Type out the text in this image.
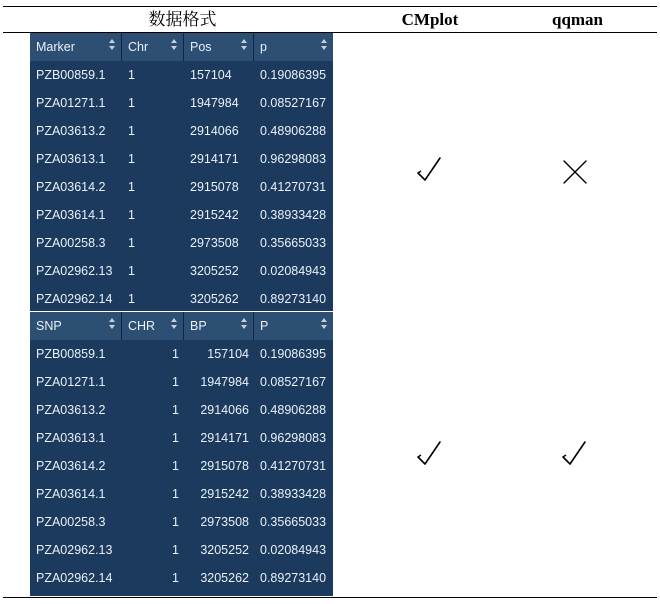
数据格式	CMplot	qqman
Marker	Chr	Pos	p
PZB00859.1	1	157104	0.19086395
PZA01271.1	1	1947984	0.08527167
PZA03613.2	1	2914066	0.48906288
PZA03613.1	1	2914171	0.96298083
PZA03614.2	1	2915078	0.41270731
PZA03614.1	1	2915242	0.38933428
PZA00258.3	1	2973508	0.35665033
PZA02962.13	1	3205252	0.02084943
PZA02962.14	1	3205262	0.89273140
SNP	CHR	BP	P
PZB00859.1	1	157104 0.19086395
PZA01271.1	1	1947984 0.08527167
PZA03613.2	1	2914066 0.48906288
PZA03613.1	1	2914171 0.96298083
PZA03614.2	1	2915078 0.41270731
PZA03614.1	1	2915242 0.38933428
PZA00258.3	1	2973508 0.35665033
PZA02962.13	1	3205252 0.02084943
PZA02962.14	1	3205262 0.89273140
